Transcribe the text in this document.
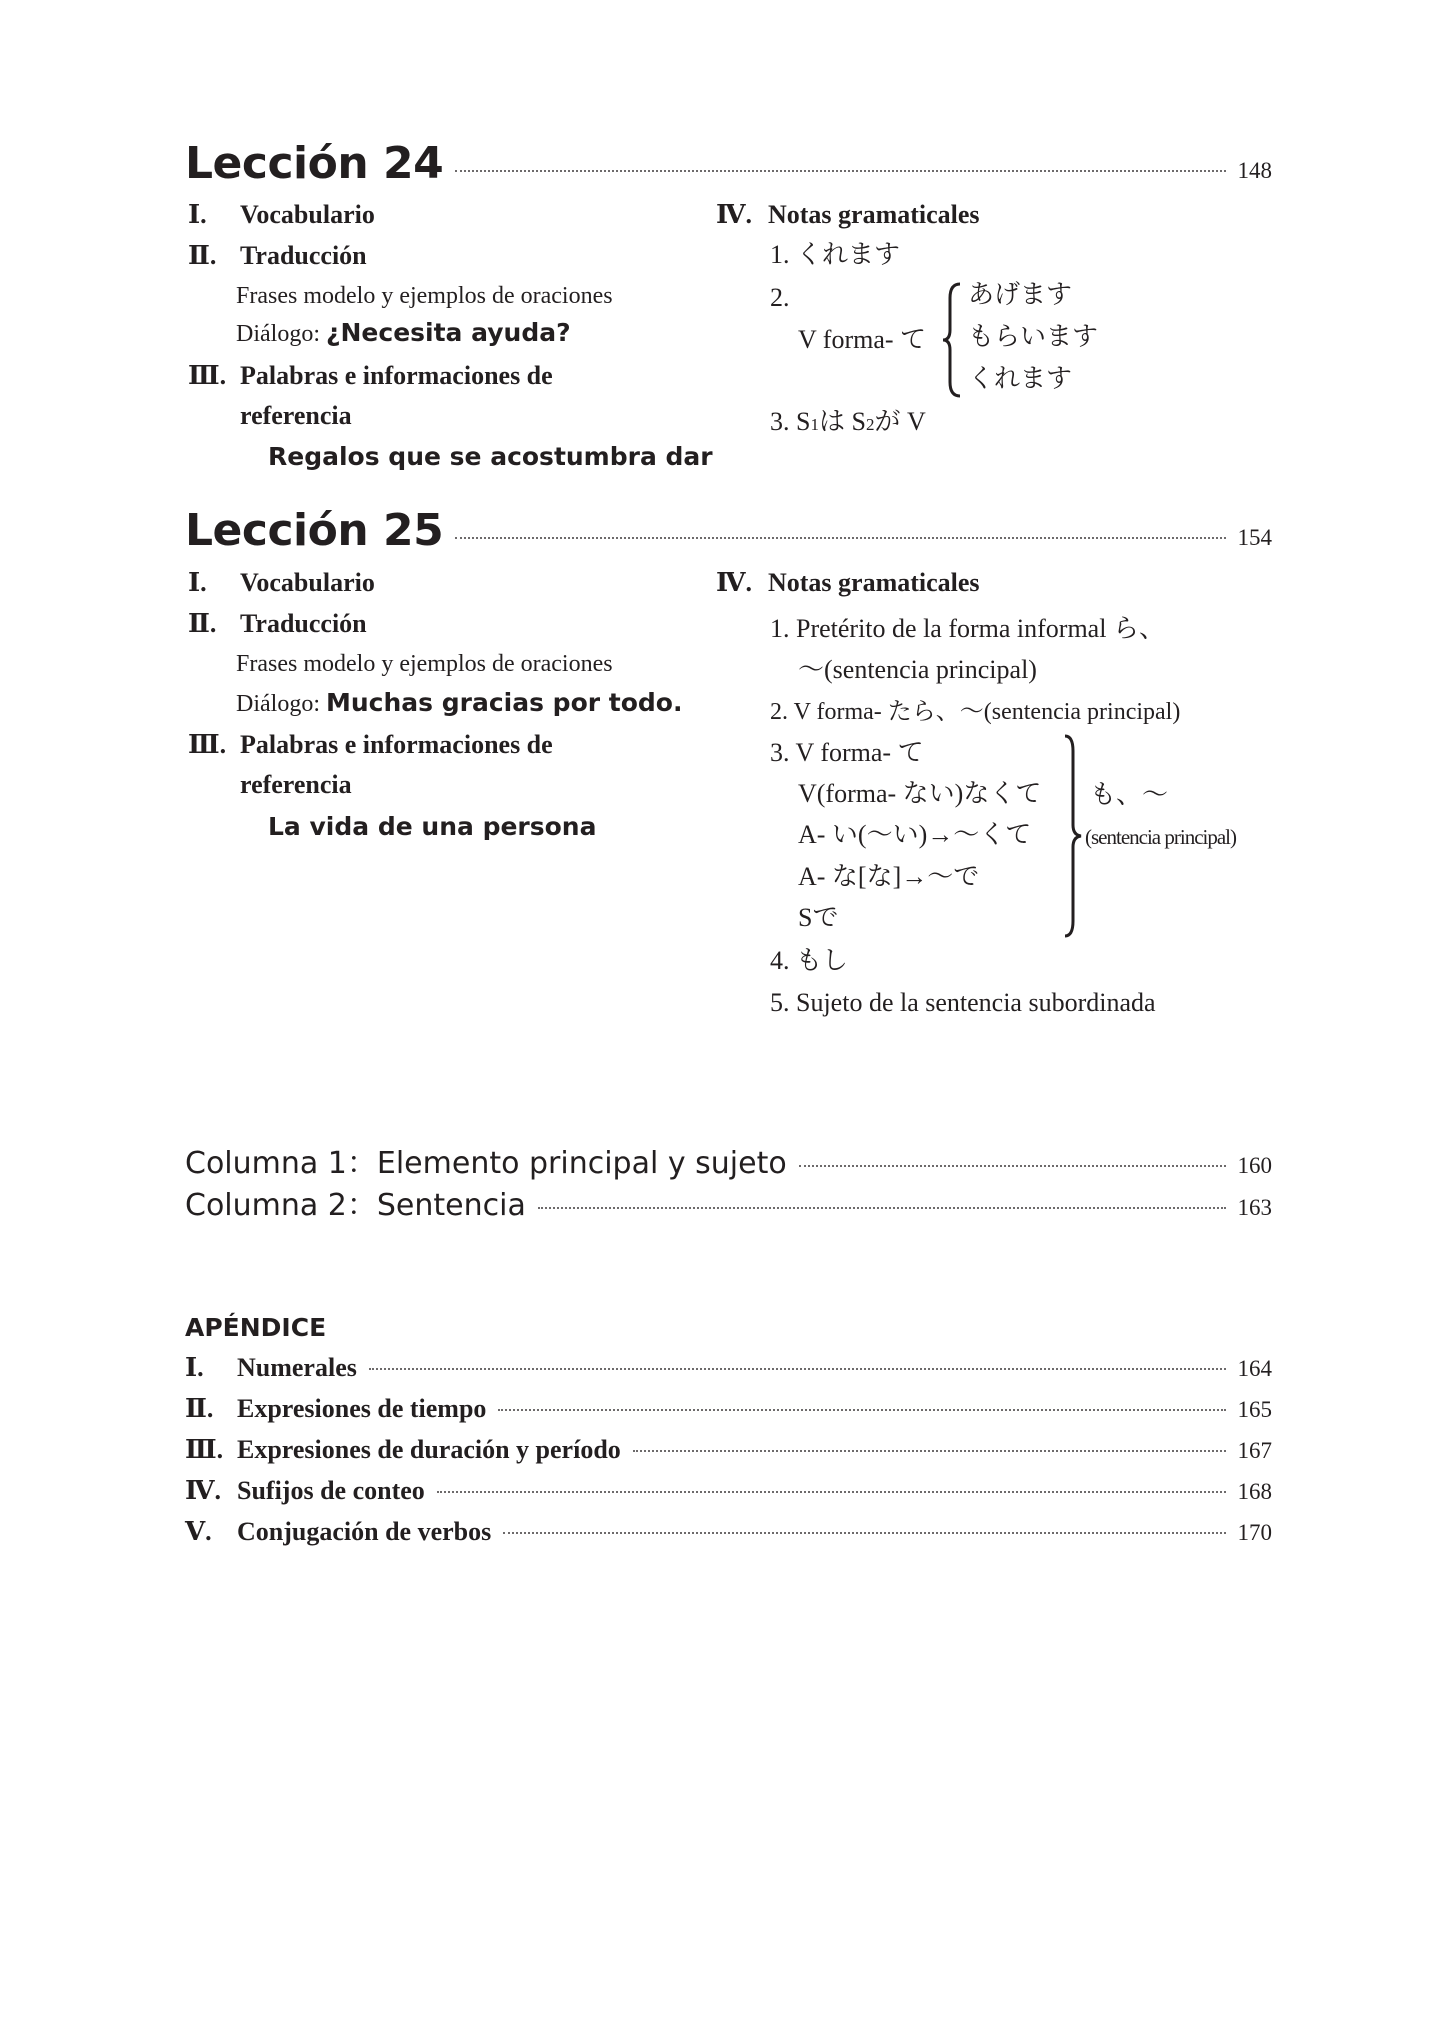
Lección 24	148
Ⅰ. Vocabulario
Ⅱ. Traducción
Frases modelo y ejemplos de oraciones
Diálogo: ¿Necesita ayuda?
Ⅲ. Palabras e informaciones de
referencia
Regalos que se acostumbra dar
Ⅳ. Notas gramaticales
1. くれます
2.
V forma- て
あげます
もらいます
くれます
3. S1は S2が V
Lección 25	154
Ⅰ. Vocabulario
Ⅱ. Traducción
Frases modelo y ejemplos de oraciones
Diálogo: Muchas gracias por todo.
Ⅲ. Palabras e informaciones de
referencia
La vida de una persona
Ⅳ. Notas gramaticales
1. Pretérito de la forma informal ら、
～(sentencia principal)
2. V forma- たら、～(sentencia principal)
3. V forma- て
V(forma- ない)なくて
A- い(～い)→～くて
A- な[な]→～で
Sで
も、～
(sentencia principal)
4. もし
5. Sujeto de la sentencia subordinada
Columna 1：Elemento principal y sujeto	160
Columna 2：Sentencia	163
APÉNDICE
Ⅰ. Numerales	164
Ⅱ. Expresiones de tiempo	165
Ⅲ. Expresiones de duración y período	167
Ⅳ. Sufijos de conteo	168
Ⅴ. Conjugación de verbos	170
